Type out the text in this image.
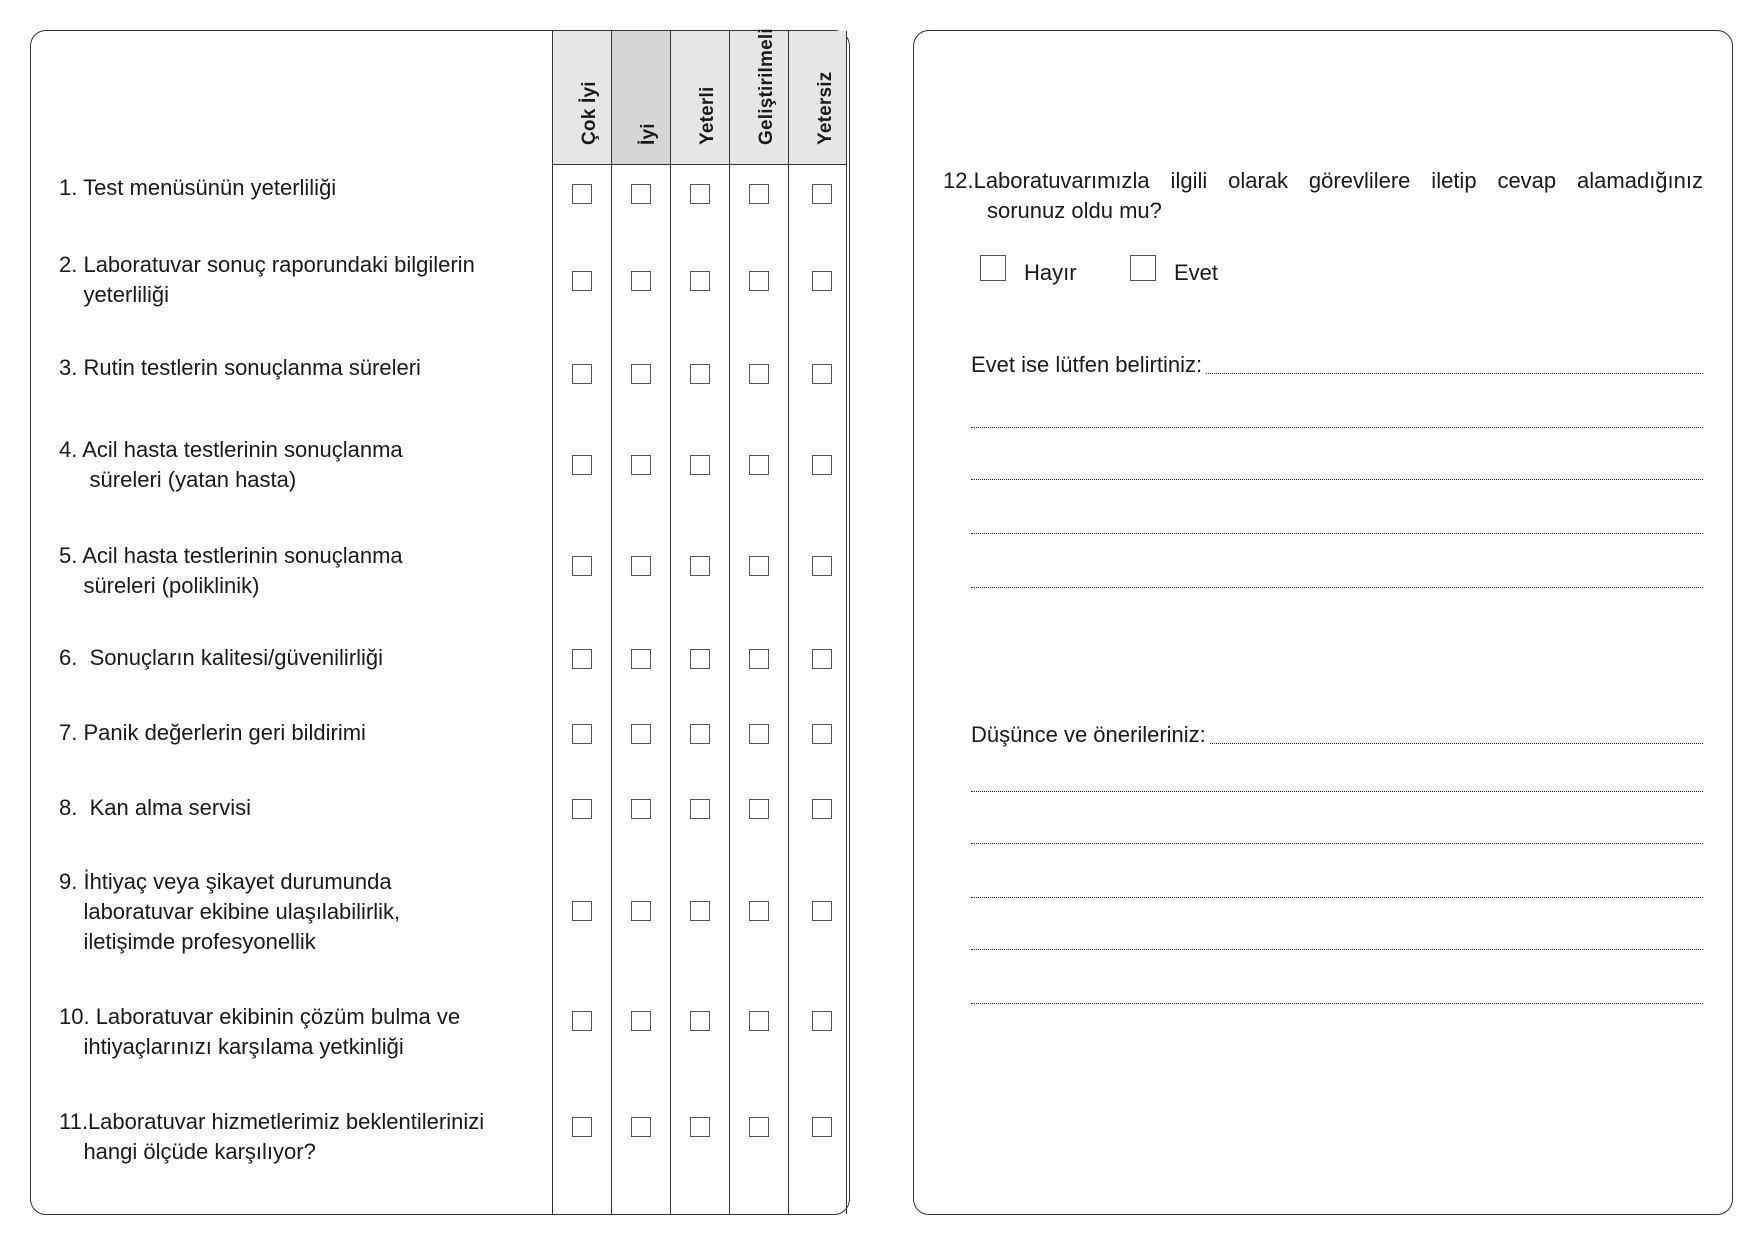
Çok İyi İyi Yeterli Geliştirilmeli Yetersiz
1. Test menüsünün yeterliliği
2. Laboratuvar sonuç raporundaki bilgilerin
yeterliliği
3. Rutin testlerin sonuçlanma süreleri
4. Acil hasta testlerinin sonuçlanma
süreleri (yatan hasta)
5. Acil hasta testlerinin sonuçlanma
süreleri (poliklinik)
6.  Sonuçların kalitesi/güvenilirliği
7. Panik değerlerin geri bildirimi
8.  Kan alma servisi
9. İhtiyaç veya şikayet durumunda
laboratuvar ekibine ulaşılabilirlik,
iletişimde profesyonellik
10. Laboratuvar ekibinin çözüm bulma ve
ihtiyaçlarınızı karşılama yetkinliği
11.Laboratuvar hizmetlerimiz beklentilerinizi
hangi ölçüde karşılıyor?
12.Laboratuvarımızla ilgili olarak görevlilere iletip cevap alamadığınız
sorunuz oldu mu?
Hayır	Evet
Evet ise lütfen belirtiniz:
Düşünce ve önerileriniz:
